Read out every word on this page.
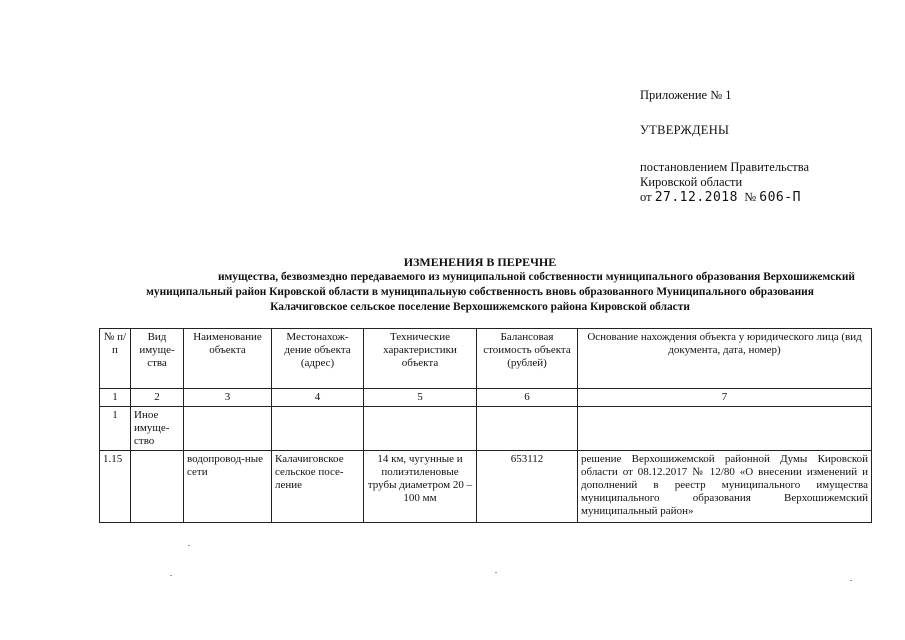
Приложение № 1
УТВЕРЖДЕНЫ
постановлением Правительства
Кировской области
от 27.12.2018 № 606-П
ИЗМЕНЕНИЯ В ПЕРЕЧНЕ
имущества, безвозмездно передаваемого из муниципальной собственности муниципального образования Верхошижемский
муниципальный район Кировской области в муниципальную собственность вновь образованного Муниципального образования
Калачиговское сельское поселение Верхошижемского района Кировской области
№ п/п	Вид имуще-ства	Наименование объекта	Местонахож-дение объекта (адрес)	Технические характеристики объекта	Балансовая стоимость объекта (рублей)	Основание нахождения объекта у юридического лица (вид документа, дата, номер)
1	2	3	4	5	6	7
1	Иное имуще-ство					
1.15		водопровод-ные сети	Калачиговское сельское посе-ление	14 км, чугунные и полиэтиленовые трубы диаметром 20 – 100 мм	653112	решение Верхошижемской районной Думы Кировской области от 08.12.2017 № 12/80 «О внесении изменений и дополнений в реестр муниципального имущества муниципального образования Верхошижемский муниципальный район»
